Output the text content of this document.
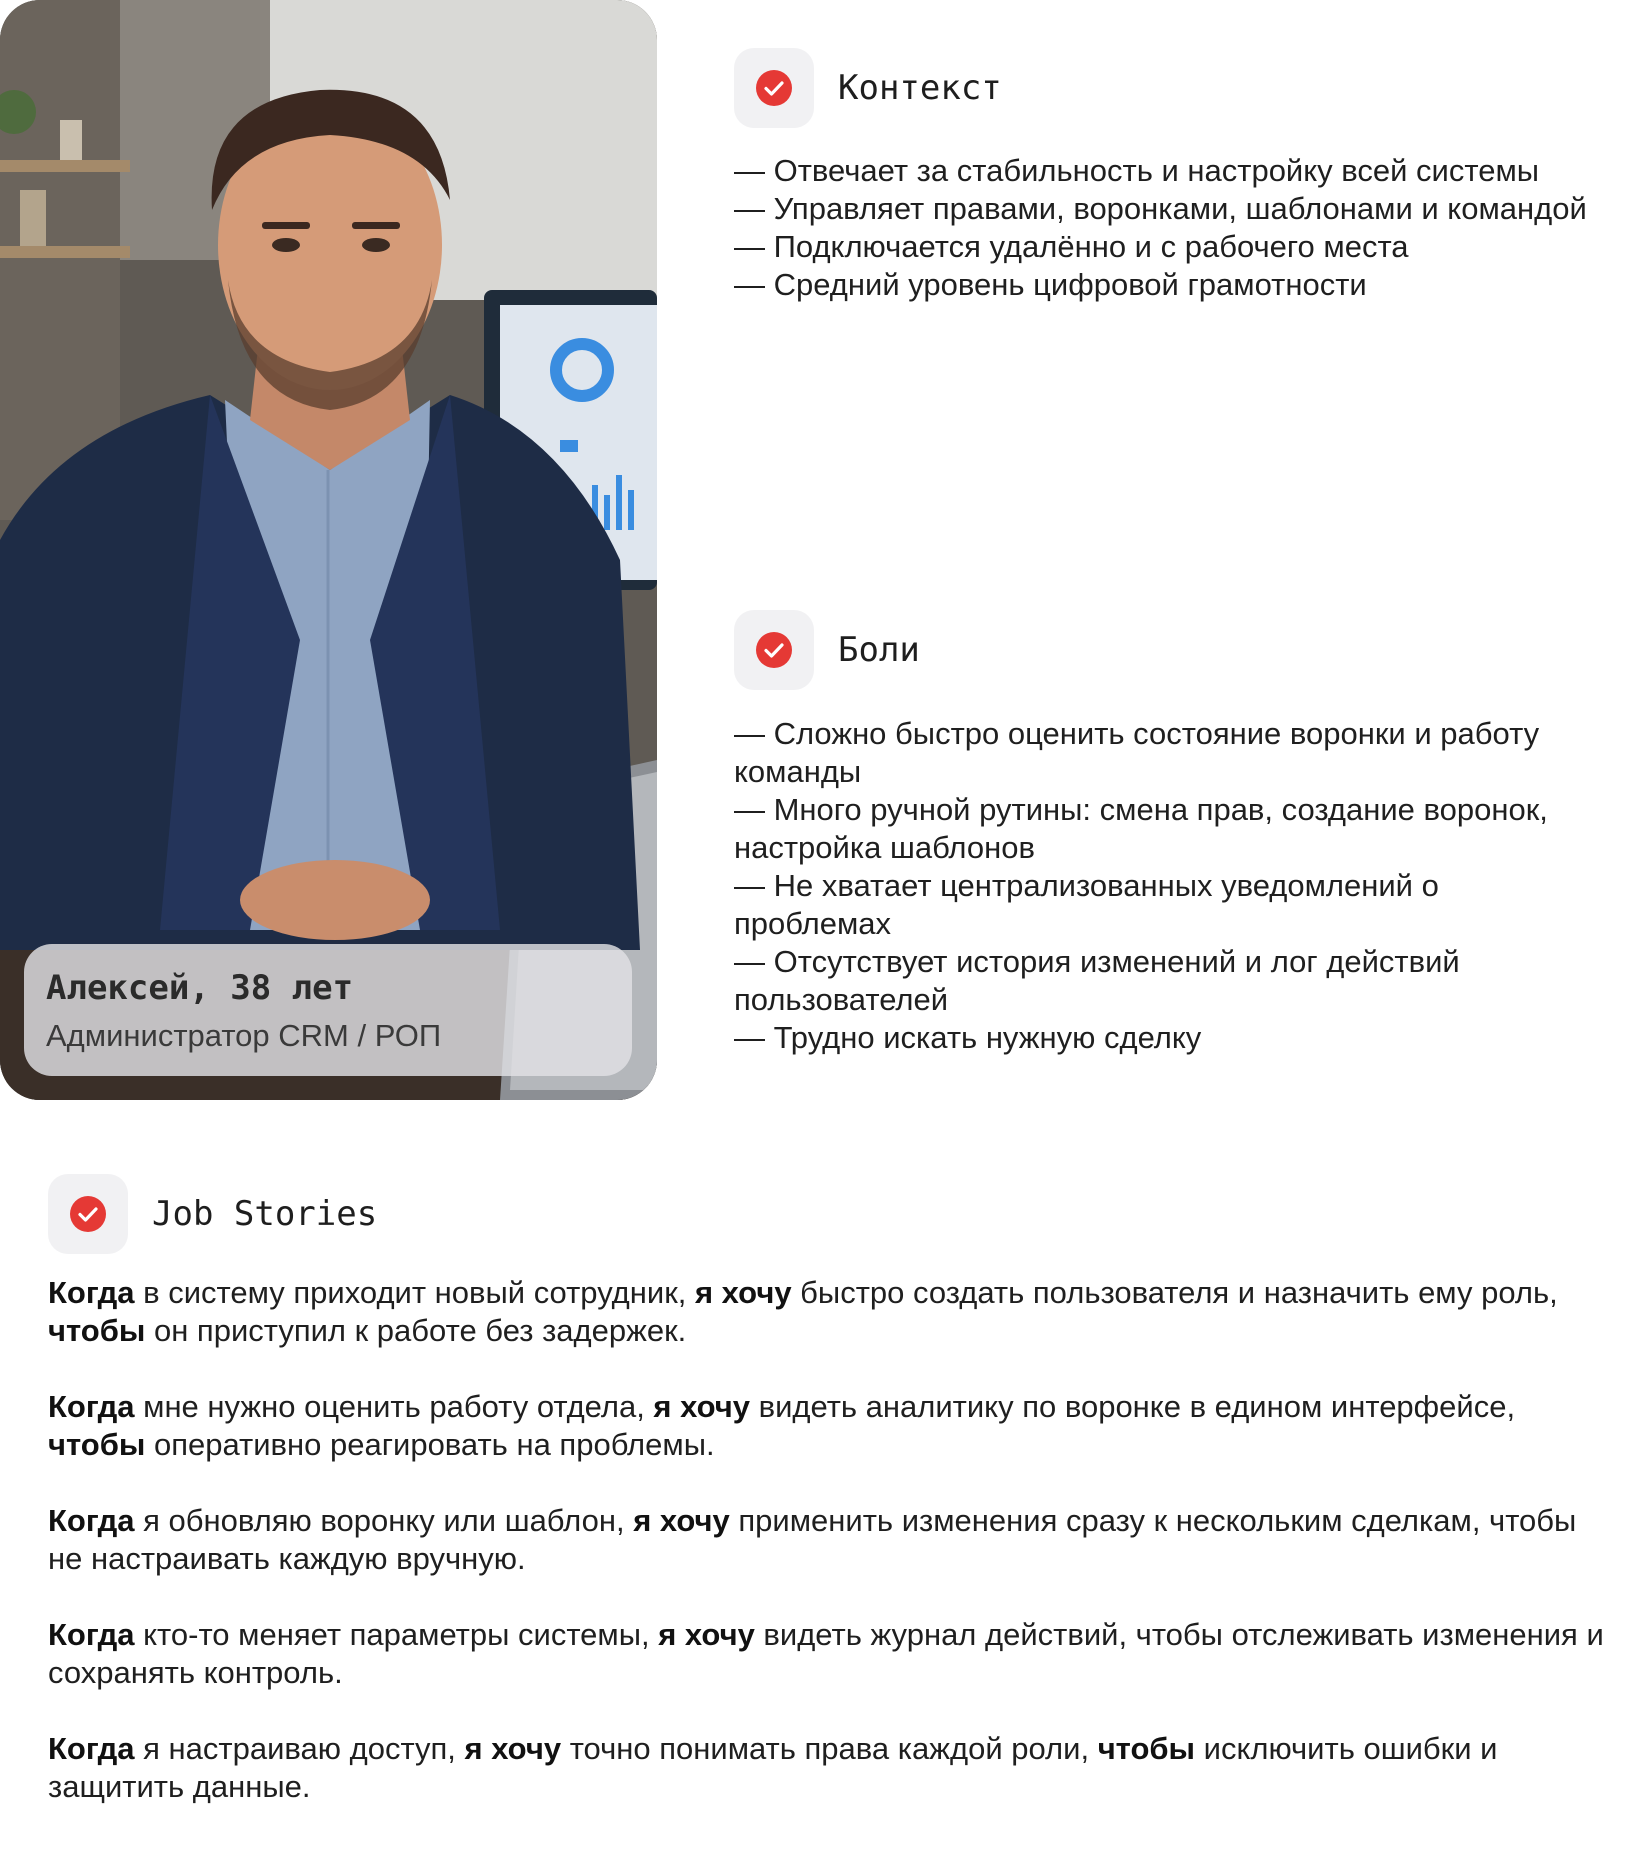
Алексей, 38 лет
Администратор CRM / РОП
Контекст
— Отвечает за стабильность и настройку всей системы
— Управляет правами, воронками, шаблонами и командой
— Подключается удалённо и с рабочего места
— Средний уровень цифровой грамотности
Боли
— Сложно быстро оценить состояние воронки и работу команды
— Много ручной рутины: смена прав, создание воронок, настройка шаблонов
— Не хватает централизованных уведомлений о проблемах
— Отсутствует история изменений и лог действий пользователей
— Трудно искать нужную сделку
Job Stories
Когда в систему приходит новый сотрудник, я хочу быстро создать пользователя и назначить ему роль, чтобы он приступил к работе без задержек.
Когда мне нужно оценить работу отдела, я хочу видеть аналитику по воронке в едином интерфейсе, чтобы оперативно реагировать на проблемы.
Когда я обновляю воронку или шаблон, я хочу применить изменения сразу к нескольким сделкам, чтобы не настраивать каждую вручную.
Когда кто-то меняет параметры системы, я хочу видеть журнал действий, чтобы отслеживать изменения и сохранять контроль.
Когда я настраиваю доступ, я хочу точно понимать права каждой роли, чтобы исключить ошибки и защитить данные.
